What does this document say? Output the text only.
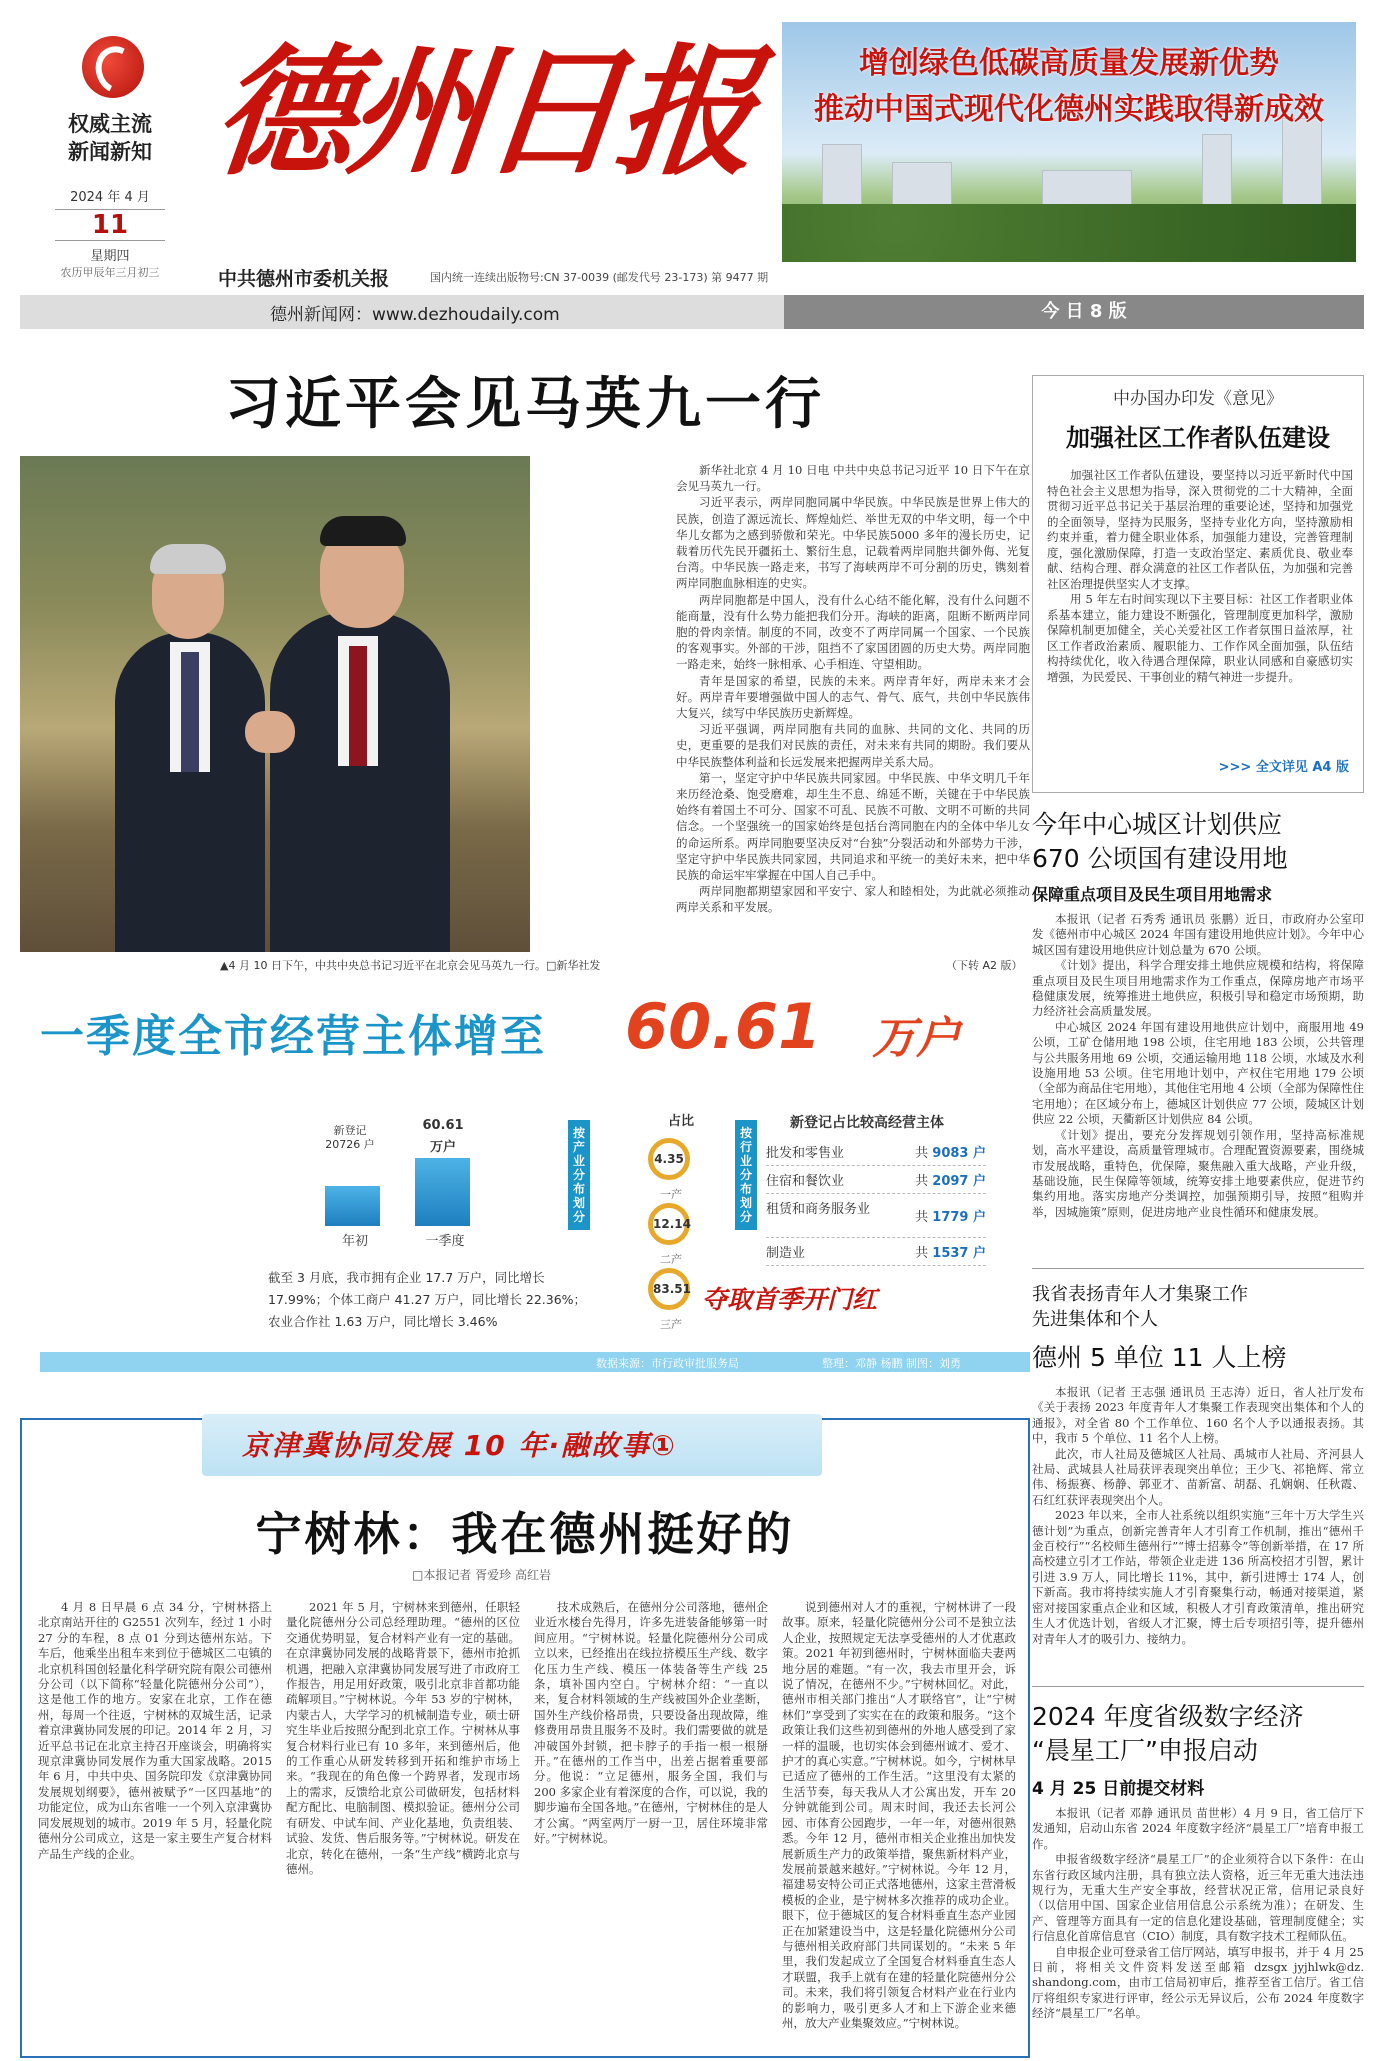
权威主流
新闻新知
2024 年 4 月
11
星期四
农历甲辰年三月初三
德州日报
中共德州市委机关报	国内统一连续出版物号:CN 37-0039 (邮发代号 23-173) 第 9477 期
增创绿色低碳高质量发展新优势
推动中国式现代化德州实践取得新成效
德州新闻网：www.dezhoudaily.com	今 日 8 版
习近平会见马英九一行
▲4 月 10 日下午，中共中央总书记习近平在北京会见马英九一行。□新华社发

新华社北京 4 月 10 日电 中共中央总书记习近平 10 日下午在京会见马英九一行。

习近平表示，两岸同胞同属中华民族。中华民族是世界上伟大的民族，创造了源远流长、辉煌灿烂、举世无双的中华文明，每一个中华儿女都为之感到骄傲和荣光。中华民族5000 多年的漫长历史，记载着历代先民开疆拓土、繁衍生息，记载着两岸同胞共御外侮、光复台湾。中华民族一路走来，书写了海峡两岸不可分割的历史，镌刻着两岸同胞血脉相连的史实。

两岸同胞都是中国人，没有什么心结不能化解，没有什么问题不能商量，没有什么势力能把我们分开。海峡的距离，阻断不断两岸同胞的骨肉亲情。制度的不同，改变不了两岸同属一个国家、一个民族的客观事实。外部的干涉，阻挡不了家国团圆的历史大势。两岸同胞一路走来，始终一脉相承、心手相连、守望相助。

青年是国家的希望，民族的未来。两岸青年好，两岸未来才会好。两岸青年要增强做中国人的志气、骨气、底气，共创中华民族伟大复兴，续写中华民族历史新辉煌。

习近平强调，两岸同胞有共同的血脉、共同的文化、共同的历史，更重要的是我们对民族的责任，对未来有共同的期盼。我们要从中华民族整体利益和长远发展来把握两岸关系大局。

第一，坚定守护中华民族共同家园。中华民族、中华文明几千年来历经沧桑、饱受磨难，却生生不息、绵延不断，关键在于中华民族始终有着国土不可分、国家不可乱、民族不可散、文明不可断的共同信念。一个坚强统一的国家始终是包括台湾同胞在内的全体中华儿女的命运所系。两岸同胞要坚决反对“台独”分裂活动和外部势力干涉，坚定守护中华民族共同家园，共同追求和平统一的美好未来，把中华民族的命运牢牢掌握在中国人自己手中。

两岸同胞都期望家园和平安宁、家人和睦相处，为此就必须推动两岸关系和平发展。

（下转 A2 版）
一季度全市经营主体增至 60.61 万户
新登记
20726 户
60.61
万户
年初	一季度
按产业分布划分
占比
4.35
一产
12.14
二产
83.51
三产
按行业分布划分
新登记占比较高经营主体
批发和零售业	共 9083 户
住宿和餐饮业	共 2097 户
租赁和商务服务业
共 1779 户
制造业	共 1537 户
截至 3 月底，我市拥有企业 17.7 万户，同比增长 17.99%；个体工商户 41.27 万户，同比增长 22.36%；农业合作社 1.63 万户，同比增长 3.46%
夺取首季开门红
数据来源：市行政审批服务局	整理：邓静 杨鹏 制图：刘勇
京津冀协同发展 10 年·融故事①
宁树林：我在德州挺好的
□本报记者 胥爱珍 高红岩

4 月 8 日早晨 6 点 34 分，宁树林搭上北京南站开往的 G2551 次列车，经过 1 小时 27 分的车程，8 点 01 分到达德州东站。下车后，他乘坐出租车来到位于德城区二屯镇的北京机科国创轻量化科学研究院有限公司德州分公司（以下简称“轻量化院德州分公司”），这是他工作的地方。安家在北京，工作在德州，每周一个往返，宁树林的双城生活，记录着京津冀协同发展的印记。2014 年 2 月，习近平总书记在北京主持召开座谈会，明确将实现京津冀协同发展作为重大国家战略。2015 年 6 月，中共中央、国务院印发《京津冀协同发展规划纲要》，德州被赋予“一区四基地”的功能定位，成为山东省唯一一个列入京津冀协同发展规划的城市。2019 年 5 月，轻量化院德州分公司成立，这是一家主要生产复合材料产品生产线的企业。

2021 年 5 月，宁树林来到德州，任职轻量化院德州分公司总经理助理。“德州的区位交通优势明显，复合材料产业有一定的基础。在京津冀协同发展的战略背景下，德州市抢抓机遇，把融入京津冀协同发展写进了市政府工作报告，用足用好政策，吸引北京非首都功能疏解项目。”宁树林说。今年 53 岁的宁树林，内蒙古人，大学学习的机械制造专业，硕士研究生毕业后按照分配到北京工作。宁树林从事复合材料行业已有 10 多年，来到德州后，他的工作重心从研发转移到开拓和维护市场上来。“我现在的角色像一个跨界者，发现市场上的需求，反馈给北京公司做研发，包括材料配方配比、电脑制图、模拟验证。德州分公司有研发、中试车间、产业化基地，负责组装、试验、发货、售后服务等。”宁树林说。研发在北京，转化在德州，一条“生产线”横跨北京与德州。

技术成熟后，在德州分公司落地，德州企业近水楼台先得月，许多先进装备能够第一时间应用。“宁树林说。轻量化院德州分公司成立以来，已经推出在线拉挤模压生产线、数字化压力生产线、模压一体装备等生产线 25 条，填补国内空白。宁树林介绍：“一直以来，复合材料领域的生产线被国外企业垄断，国外生产线价格昂贵，只要设备出现故障，维修费用昂贵且服务不及时。我们需要做的就是冲破国外封锁，把卡脖子的手指一根一根掰开。”在德州的工作当中，出差占据着重要部分。他说：“立足德州，服务全国，我们与 200 多家企业有着深度的合作，可以说，我的脚步遍布全国各地。”在德州，宁树林住的是人才公寓。“两室两厅一厨一卫，居住环境非常好。”宁树林说。

说到德州对人才的重视，宁树林讲了一段故事。原来，轻量化院德州分公司不是独立法人企业，按照规定无法享受德州的人才优惠政策。2021 年初到德州时，宁树林面临夫妻两地分居的难题。“有一次，我去市里开会，诉说了情况，在德州不少。”宁树林回忆。对此，德州市相关部门推出“人才联络官”，让“宁树林们”享受到了实实在在的政策和服务。“这个政策让我们这些初到德州的外地人感受到了家一样的温暖，也切实体会到德州诚才、爱才、护才的真心实意。”宁树林说。如今，宁树林早已适应了德州的工作生活。“这里没有太紧的生活节奏，每天我从人才公寓出发，开车 20 分钟就能到公司。周末时间，我还去长河公园、市体育公园跑步，一年一年，对德州很熟悉。今年 12 月，德州市相关企业推出加快发展新质生产力的政策举措，聚焦新材料产业，发展前景越来越好。”宁树林说。今年 12 月，福建易安特公司正式落地德州，这家主营滑板模板的企业，是宁树林多次推荐的成功企业。眼下，位于德城区的复合材料垂直生态产业园正在加紧建设当中，这是轻量化院德州分公司与德州相关政府部门共同谋划的。“未来 5 年里，我们发起成立了全国复合材料垂直生态人才联盟，我手上就有在建的轻量化院德州分公司。未来，我们将引领复合材料产业在行业内的影响力，吸引更多人才和上下游企业来德州，放大产业集聚效应。”宁树林说。

中办国办印发《意见》
加强社区工作者队伍建设

加强社区工作者队伍建设，要坚持以习近平新时代中国特色社会主义思想为指导，深入贯彻党的二十大精神，全面贯彻习近平总书记关于基层治理的重要论述，坚持和加强党的全面领导，坚持为民服务，坚持专业化方向，坚持激励相约束并重，着力健全职业体系，加强能力建设，完善管理制度，强化激励保障，打造一支政治坚定、素质优良、敬业奉献、结构合理、群众满意的社区工作者队伍，为加强和完善社区治理提供坚实人才支撑。

用 5 年左右时间实现以下主要目标：社区工作者职业体系基本建立，能力建设不断强化，管理制度更加科学，激励保障机制更加健全，关心关爱社区工作者氛围日益浓厚，社区工作者政治素质、履职能力、工作作风全面加强，队伍结构持续优化，收入待遇合理保障，职业认同感和自豪感切实增强，为民爱民、干事创业的精气神进一步提升。

>>> 全文详见 A4 版
今年中心城区计划供应
670 公顷国有建设用地
保障重点项目及民生项目用地需求

本报讯（记者 石秀秀 通讯员 张鹏）近日，市政府办公室印发《德州市中心城区 2024 年国有建设用地供应计划》。今年中心城区国有建设用地供应计划总量为 670 公顷。

《计划》提出，科学合理安排土地供应规模和结构，将保障重点项目及民生项目用地需求作为工作重点，保障房地产市场平稳健康发展，统筹推进土地供应，积极引导和稳定市场预期，助力经济社会高质量发展。

中心城区 2024 年国有建设用地供应计划中，商服用地 49 公顷，工矿仓储用地 198 公顷，住宅用地 183 公顷，公共管理与公共服务用地 69 公顷，交通运输用地 118 公顷，水域及水利设施用地 53 公顷。住宅用地计划中，产权住宅用地 179 公顷（全部为商品住宅用地），其他住宅用地 4 公顷（全部为保障性住宅用地）；在区域分布上，德城区计划供应 77 公顷，陵城区计划供应 22 公顷，天衢新区计划供应 84 公顷。

《计划》提出，要充分发挥规划引领作用，坚持高标准规划，高水平建设，高质量管理城市。合理配置资源要素，围绕城市发展战略，重特色，优保障，聚焦融入重大战略，产业升级，基础设施，民生保障等领域，统筹安排土地要素供应，促进节约集约用地。落实房地产分类调控，加强预期引导，按照“租购并举，因城施策”原则，促进房地产业良性循环和健康发展。

我省表扬青年人才集聚工作
先进集体和个人
德州 5 单位 11 人上榜

本报讯（记者 王志强 通讯员 王志涛）近日，省人社厅发布《关于表扬 2023 年度青年人才集聚工作表现突出集体和个人的通报》，对全省 80 个工作单位、160 名个人予以通报表扬。其中，我市 5 个单位、11 名个人上榜。

此次，市人社局及德城区人社局、禹城市人社局、齐河县人社局、武城县人社局获评表现突出单位；王少飞、祁艳辉、常立伟、杨振赛、杨静、郭亚才、苗新富、胡磊、孔娴娴、任秋霞、石红红获评表现突出个人。

2023 年以来，全市人社系统以组织实施“三年十万大学生兴德计划”为重点，创新完善青年人才引育工作机制，推出“德州千金百校行”“名校师生德州行”“博士招募令”等创新举措，在 17 所高校建立引才工作站，带领企业走进 136 所高校招才引智，累计引进 3.9 万人，同比增长 11%，其中，新引进博士 174 人，创下新高。我市将持续实施人才引育聚集行动，畅通对接渠道，紧密对接国家重点企业和区域，积极人才引育政策清单，推出研究生人才优选计划，省级人才汇聚，博士后专项招引等，提升德州对青年人才的吸引力、接纳力。

2024 年度省级数字经济
“晨星工厂”申报启动
4 月 25 日前提交材料

本报讯（记者 邓静 通讯员 苗世彬）4 月 9 日，省工信厅下发通知，启动山东省 2024 年度数字经济“晨星工厂”培育申报工作。

申报省级数字经济“晨星工厂”的企业须符合以下条件：在山东省行政区域内注册，具有独立法人资格，近三年无重大违法违规行为，无重大生产安全事故，经营状况正常，信用记录良好（以信用中国、国家企业信用信息公示系统为准）；在研发、生产、管理等方面具有一定的信息化建设基础，管理制度健全；实行信息化首席信息官（CIO）制度，具有数字技术工程师队伍。

自申报企业可登录省工信厅网站，填写申报书，并于 4 月 25 日前，将相关文件资料发送至邮箱 dzsgx jyjhlwk@dz. shandong.com，由市工信局初审后，推荐至省工信厅。省工信厅将组织专家进行评审，经公示无异议后，公布 2024 年度数字经济“晨星工厂”名单。
